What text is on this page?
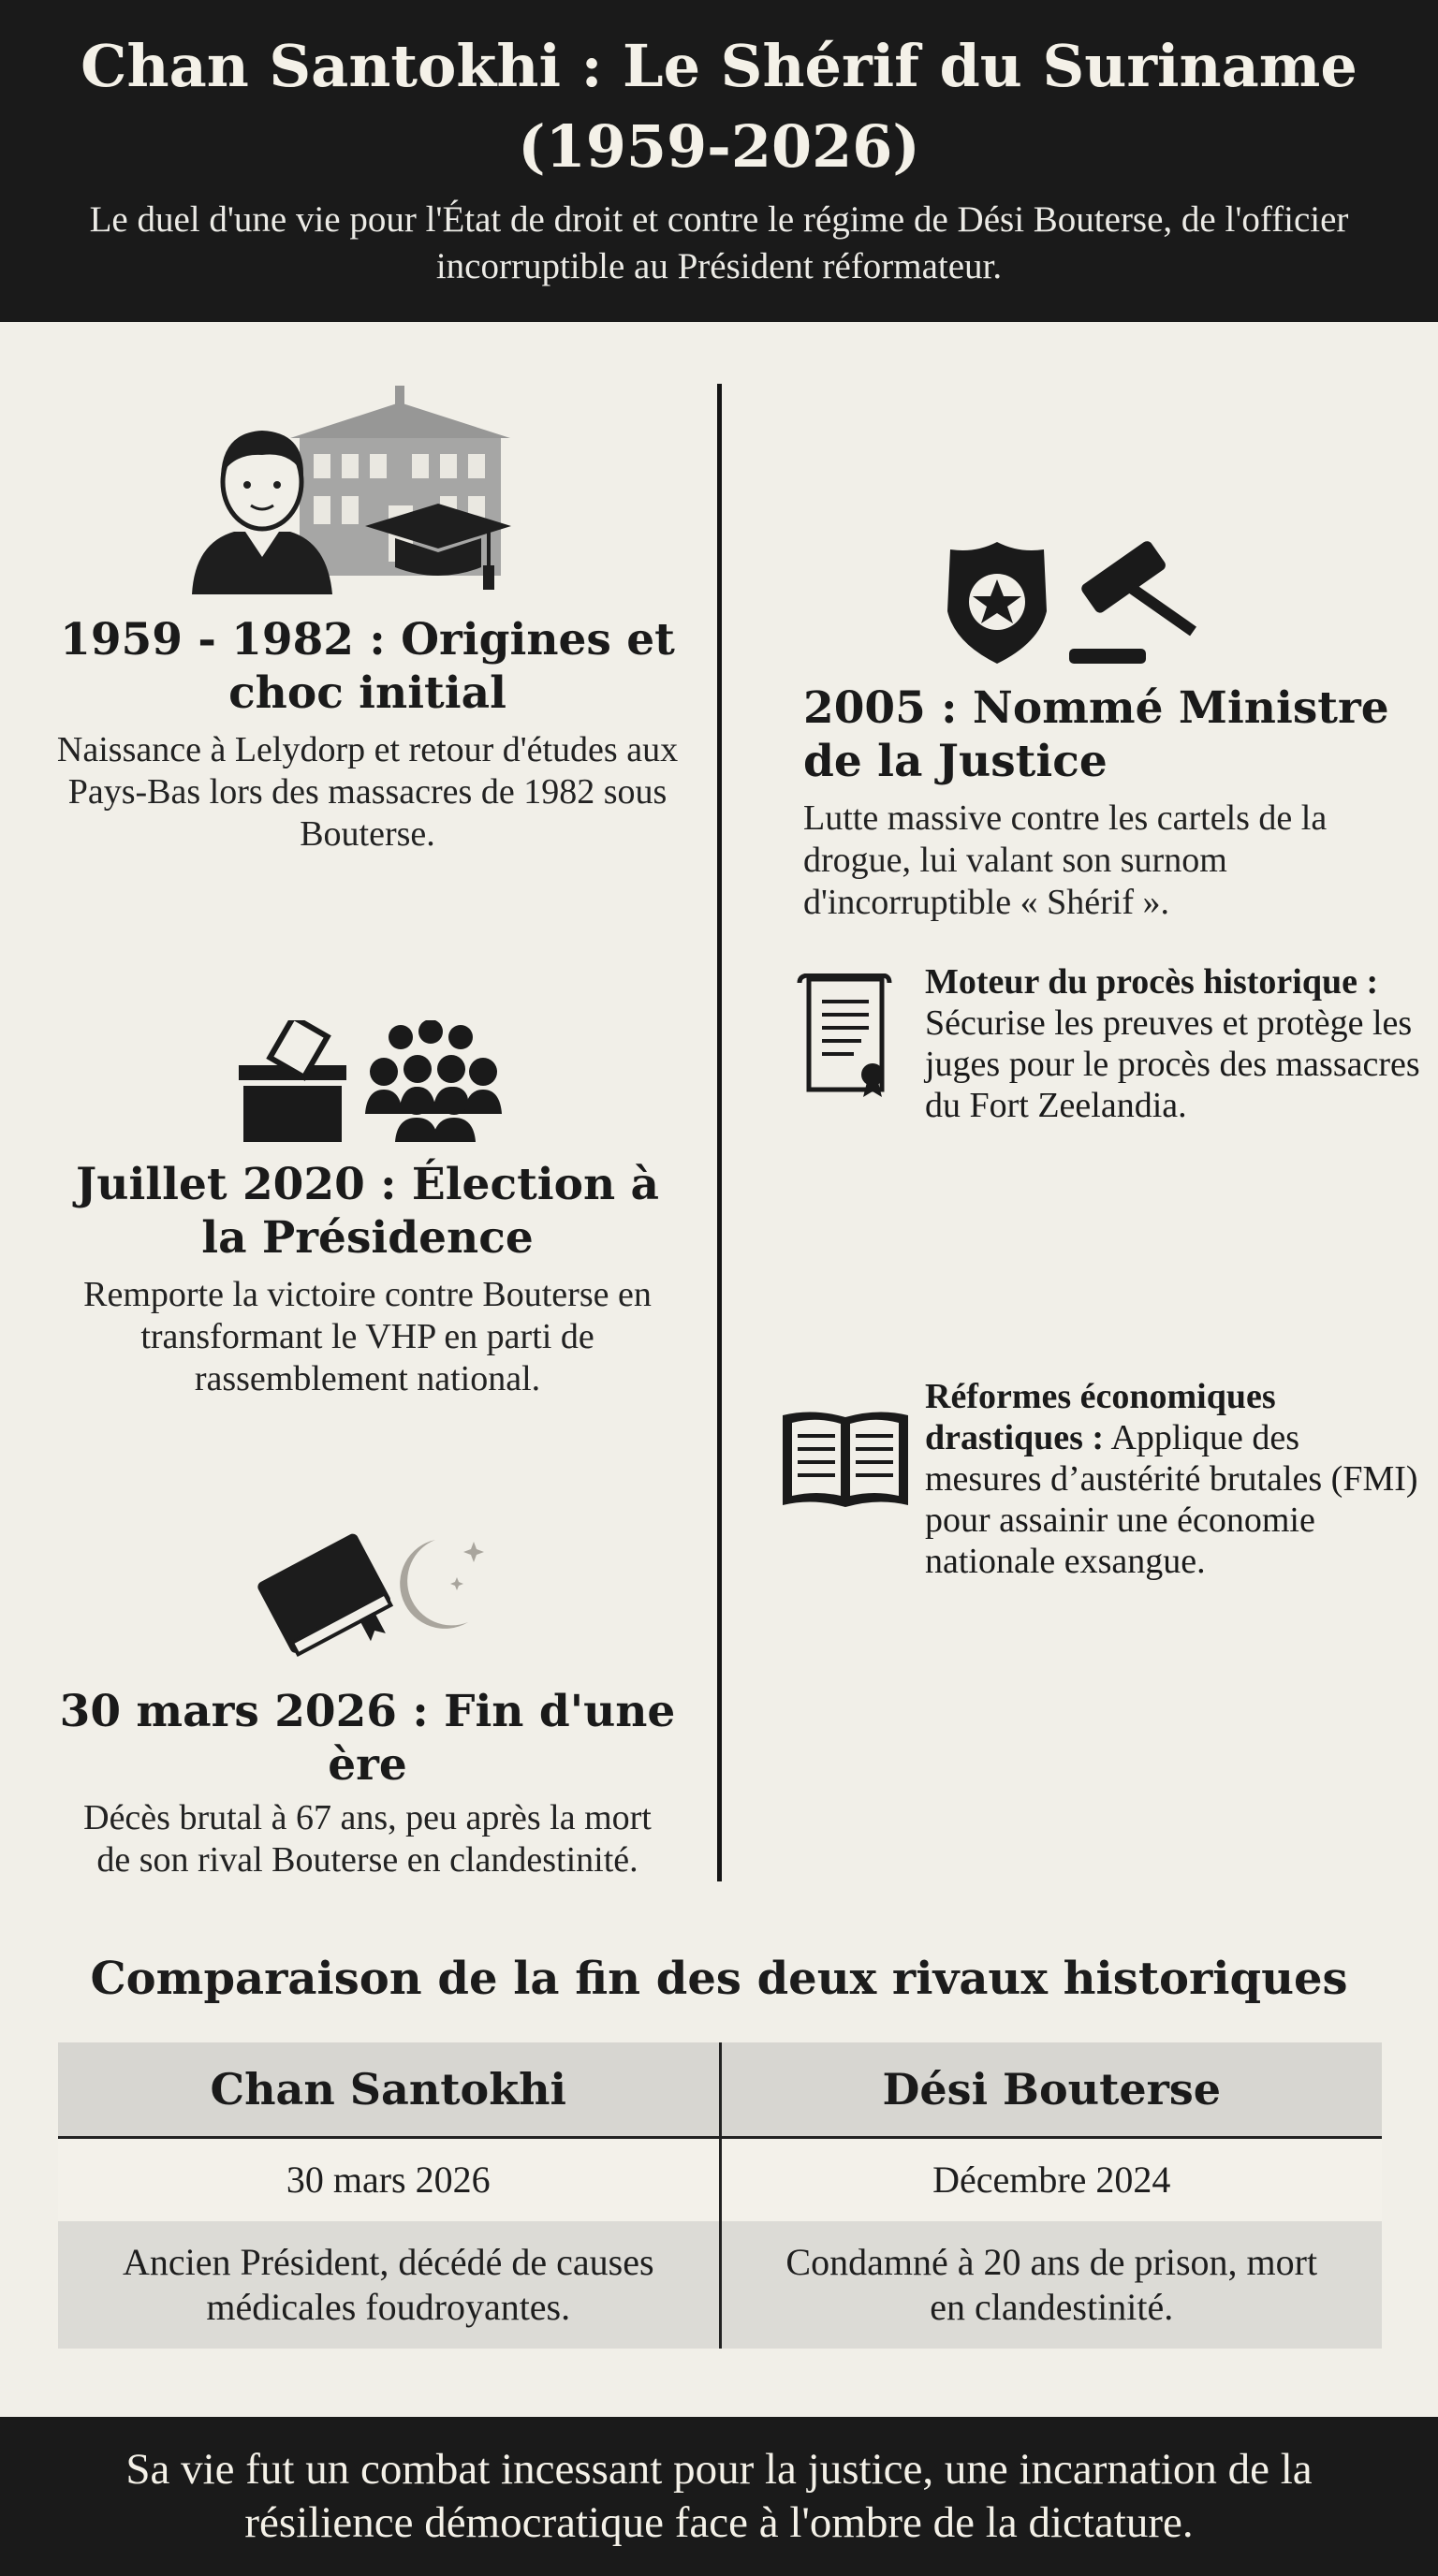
Chan Santokhi : Le Shérif du Suriname (1959-2026)
Le duel d'une vie pour l'État de droit et contre le régime de Dési Bouterse, de l'officier incorruptible au Président réformateur.
1959 - 1982 : Origines et choc initial
Naissance à Lelydorp et retour d'études aux Pays-Bas lors des massacres de 1982 sous Bouterse.
Juillet 2020 : Élection à la Présidence
Remporte la victoire contre Bouterse en transformant le VHP en parti de rassemblement national.
30 mars 2026 : Fin d'une ère
Décès brutal à 67 ans, peu après la mort de son rival Bouterse en clandestinité.
2005 : Nommé Ministre de la Justice
Lutte massive contre les cartels de la drogue, lui valant son surnom d'incorruptible « Shérif ».
Moteur du procès historique : Sécurise les preuves et protège les juges pour le procès des massacres du Fort Zeelandia.
Réformes économiques drastiques : Applique des mesures d’austérité brutales (FMI) pour assainir une économie nationale exsangue.
Comparaison de la fin des deux rivaux historiques
Chan Santokhi	Dési Bouterse
30 mars 2026	Décembre 2024
Ancien Président, décédé de causes médicales foudroyantes.	Condamné à 20 ans de prison, mort en clandestinité.
Sa vie fut un combat incessant pour la justice, une incarnation de la résilience démocratique face à l'ombre de la dictature.
